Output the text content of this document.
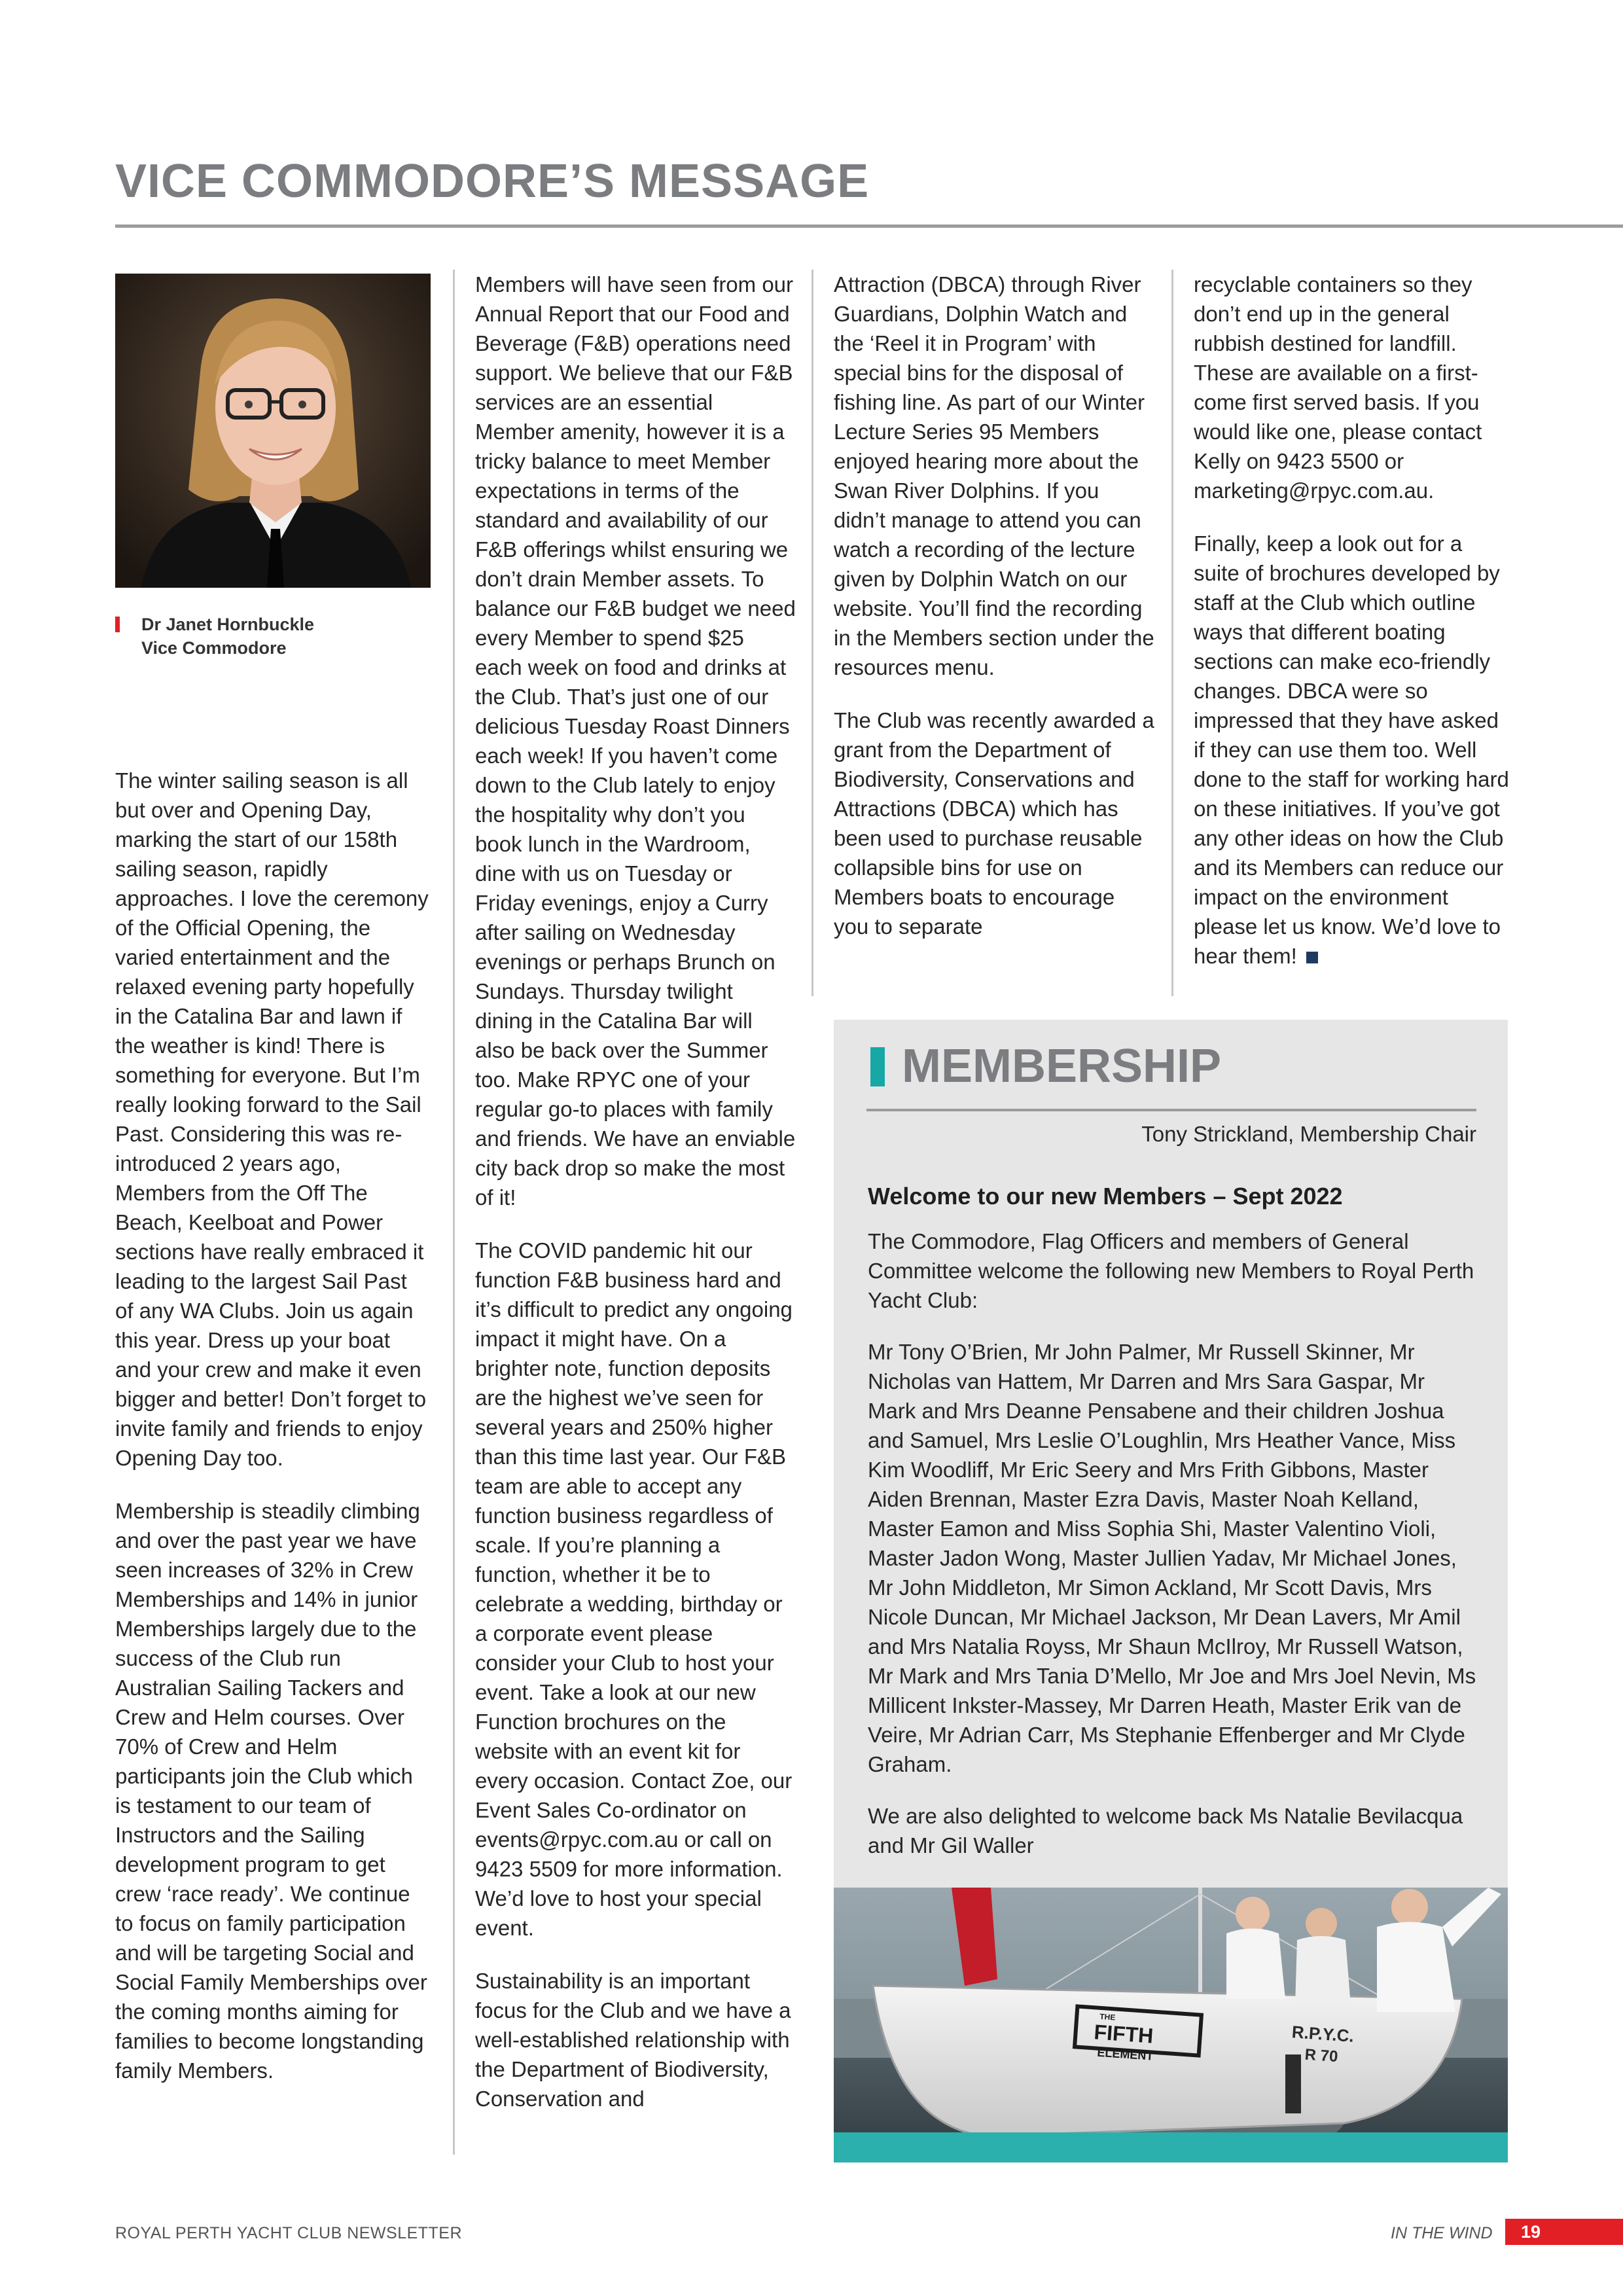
VICE COMMODORE’S MESSAGE
Dr Janet Hornbuckle
Vice Commodore

The winter sailing season is all but over and Opening Day, marking the start of our 158th sailing season, rapidly approaches. I love the ceremony of the Official Opening, the varied entertainment and the relaxed evening party hopefully in the Catalina Bar and lawn if the weather is kind! There is something for everyone. But I’m really looking forward to the Sail Past. Considering this was re-introduced 2 years ago, Members from the Off The Beach, Keelboat and Power sections have really embraced it leading to the largest Sail Past of any WA Clubs. Join us again this year. Dress up your boat and your crew and make it even bigger and better! Don’t forget to invite family and friends to enjoy Opening Day too.

Membership is steadily climbing and over the past year we have seen increases of 32% in Crew Memberships and 14% in junior Memberships largely due to the success of the Club run Australian Sailing Tackers and Crew and Helm courses. Over 70% of Crew and Helm participants join the Club which is testament to our team of Instructors and the Sailing development program to get crew ‘race ready’. We continue to focus on family participation and will be targeting Social and Social Family Memberships over the coming months aiming for families to become longstanding family Members.

Members will have seen from our Annual Report that our Food and Beverage (F&B) operations need support. We believe that our F&B services are an essential Member amenity, however it is a tricky balance to meet Member expectations in terms of the standard and availability of our F&B offerings whilst ensuring we don’t drain Member assets. To balance our F&B budget we need every Member to spend $25 each week on food and drinks at the Club. That’s just one of our delicious Tuesday Roast Dinners each week! If you haven’t come down to the Club lately to enjoy the hospitality why don’t you book lunch in the Wardroom, dine with us on Tuesday or Friday evenings, enjoy a Curry after sailing on Wednesday evenings or perhaps Brunch on Sundays. Thursday twilight dining in the Catalina Bar will also be back over the Summer too. Make RPYC one of your regular go-to places with family and friends. We have an enviable city back drop so make the most of it!

The COVID pandemic hit our function F&B business hard and it’s difficult to predict any ongoing impact it might have. On a brighter note, function deposits are the highest we’ve seen for several years and 250% higher than this time last year. Our F&B team are able to accept any function business regardless of scale. If you’re planning a function, whether it be to celebrate a wedding, birthday or a corporate event please consider your Club to host your event. Take a look at our new Function brochures on the website with an event kit for every occasion. Contact Zoe, our Event Sales Co-ordinator on events@rpyc.com.au or call on 9423 5509 for more information. We’d love to host your special event.

Sustainability is an important focus for the Club and we have a well-established relationship with the Department of Biodiversity, Conservation and

Attraction (DBCA) through River Guardians, Dolphin Watch and the ‘Reel it in Program’ with special bins for the disposal of fishing line. As part of our Winter Lecture Series 95 Members enjoyed hearing more about the Swan River Dolphins. If you didn’t manage to attend you can watch a recording of the lecture given by Dolphin Watch on our website. You’ll find the recording in the Members section under the resources menu.

The Club was recently awarded a grant from the Department of Biodiversity, Conservations and Attractions (DBCA) which has been used to purchase reusable collapsible bins for use on Members boats to encourage you to separate

recyclable containers so they don’t end up in the general rubbish destined for landfill. These are available on a first-come first served basis. If you would like one, please contact Kelly on 9423 5500 or marketing@rpyc.com.au.

Finally, keep a look out for a suite of brochures developed by staff at the Club which outline ways that different boating sections can make eco-friendly changes. DBCA were so impressed that they have asked if they can use them too. Well done to the staff for working hard on these initiatives. If you’ve got any other ideas on how the Club and its Members can reduce our impact on the environment please let us know. We’d love to hear them!

MEMBERSHIP
Tony Strickland, Membership Chair
Welcome to our new Members – Sept 2022

The Commodore, Flag Officers and members of General Committee welcome the following new Members to Royal Perth Yacht Club:

Mr Tony O’Brien, Mr John Palmer, Mr Russell Skinner, Mr Nicholas van Hattem, Mr Darren and Mrs Sara Gaspar, Mr Mark and Mrs Deanne Pensabene and their children Joshua and Samuel, Mrs Leslie O’Loughlin, Mrs Heather Vance, Miss Kim Woodliff, Mr Eric Seery and Mrs Frith Gibbons, Master Aiden Brennan, Master Ezra Davis, Master Noah Kelland, Master Eamon and Miss Sophia Shi, Master Valentino Violi, Master Jadon Wong, Master Jullien Yadav, Mr Michael Jones, Mr John Middleton, Mr Simon Ackland, Mr Scott Davis, Mrs Nicole Duncan, Mr Michael Jackson, Mr Dean Lavers, Mr Amil and Mrs Natalia Royss, Mr Shaun McIlroy, Mr Russell Watson, Mr Mark and Mrs Tania D’Mello, Mr Joe and Mrs Joel Nevin, Ms Millicent Inkster-Massey, Mr Darren Heath, Master Erik van de Veire, Mr Adrian Carr, Ms Stephanie Effenberger and Mr Clyde Graham.

We are also delighted to welcome back Ms Natalie Bevilacqua and Mr Gil Waller

THE
FIFTH
ELEMENT
R.P.Y.C.
R 70
ROYAL PERTH YACHT CLUB NEWSLETTER	IN THE WIND	19
